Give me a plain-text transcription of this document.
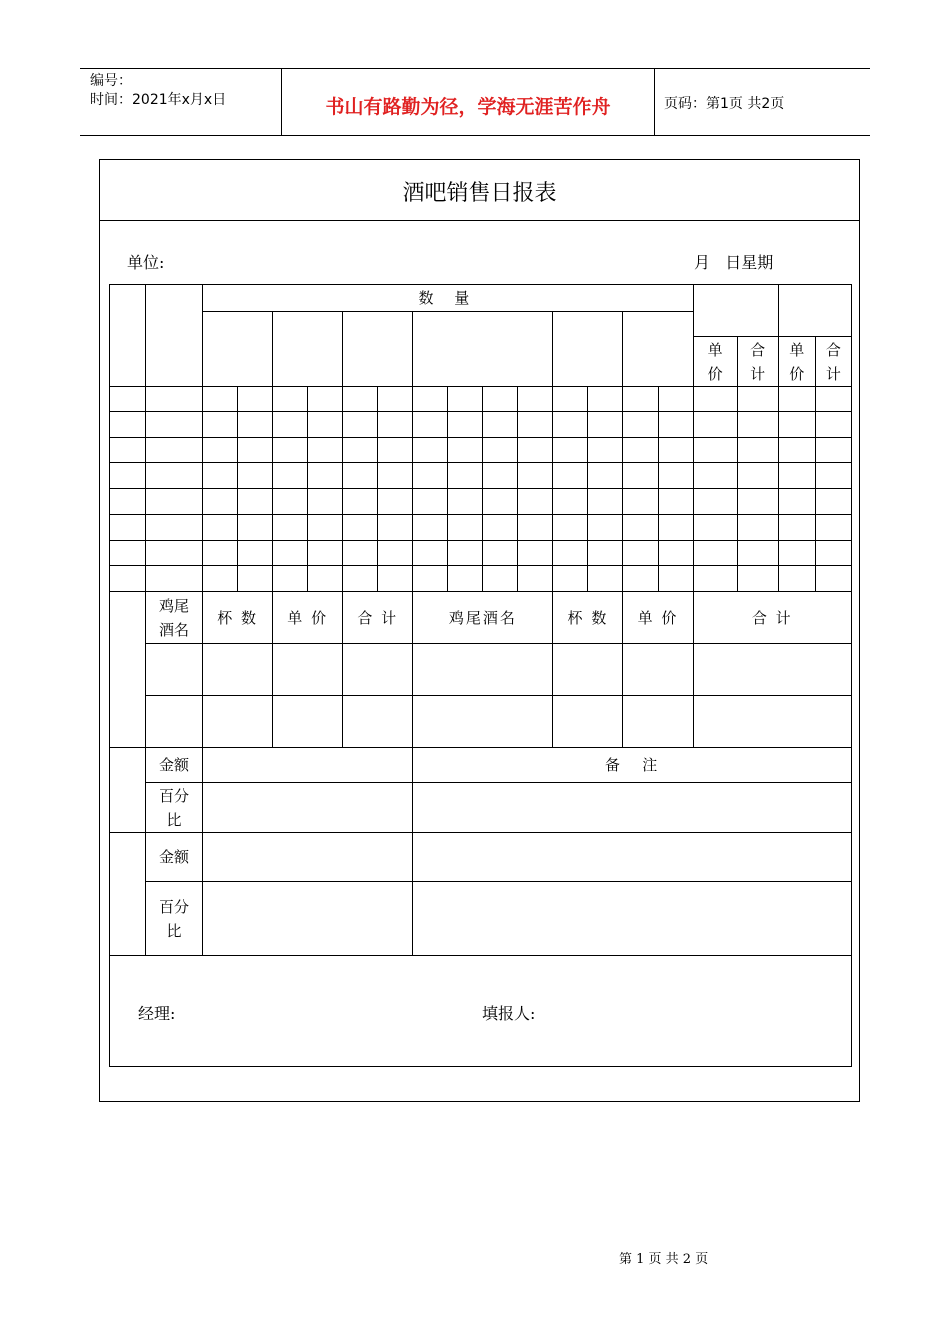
编号：
时间：2021年x月x日	书山有路勤为径，学海无涯苦作舟	页码：第1页 共2页
酒吧销售日报表
单位:	月   日星期
		数 量																	

																单价	合计	单价	合计

	鸡尾酒名	杯 数		单 价		合 计		鸡尾酒名				杯 数		单 价		合 计			

	金额							备   注											
	百分比																		
	金额																		
	百分比																		

经理: 填报人:																			
第 1 页 共 2 页
